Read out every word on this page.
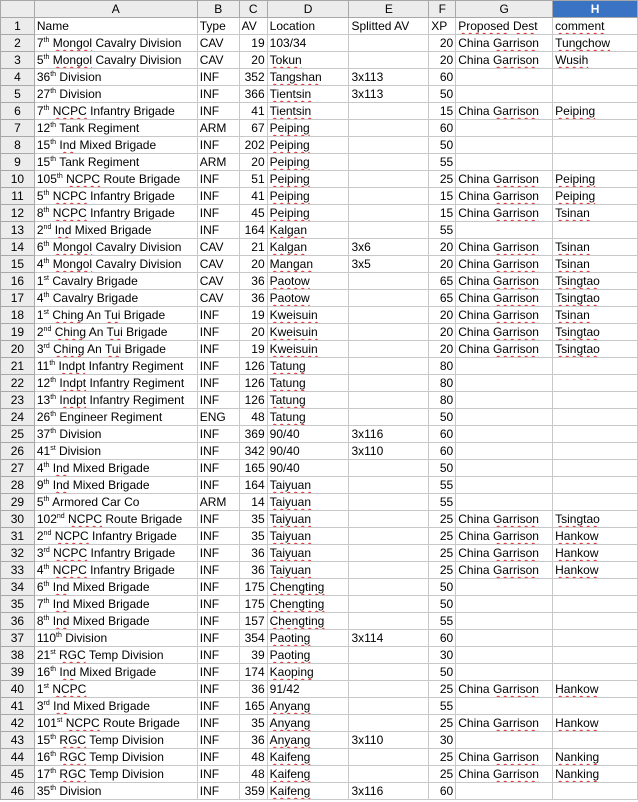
	A	B	C	D	E	F	G	H
1	Name	Type	AV	Location	Splitted AV	XP	Proposed Dest	comment
2	7th Mongol Cavalry Division	CAV	19	103/34		20	China Garrison	Tungchow
3	5th Mongol Cavalry Division	CAV	20	Tokun		20	China Garrison	Wusih
4	36th Division	INF	352	Tangshan	3x113	60		
5	27th Division	INF	366	Tientsin	3x113	50		
6	7th NCPC Infantry Brigade	INF	41	Tientsin		15	China Garrison	Peiping
7	12th Tank Regiment	ARM	67	Peiping		60		
8	15th Ind Mixed Brigade	INF	202	Peiping		50		
9	15th Tank Regiment	ARM	20	Peiping		55		
10	105th NCPC Route Brigade	INF	51	Peiping		25	China Garrison	Peiping
11	5th NCPC Infantry Brigade	INF	41	Peiping		15	China Garrison	Peiping
12	8th NCPC Infantry Brigade	INF	45	Peiping		15	China Garrison	Tsinan
13	2nd Ind Mixed Brigade	INF	164	Kalgan		55		
14	6th Mongol Cavalry Division	CAV	21	Kalgan	3x6	20	China Garrison	Tsinan
15	4th Mongol Cavalry Division	CAV	20	Mangan	3x5	20	China Garrison	Tsinan
16	1st Cavalry Brigade	CAV	36	Paotow		65	China Garrison	Tsingtao
17	4th Cavalry Brigade	CAV	36	Paotow		65	China Garrison	Tsingtao
18	1st Ching An Tui Brigade	INF	19	Kweisuin		20	China Garrison	Tsinan
19	2nd Ching An Tui Brigade	INF	20	Kweisuin		20	China Garrison	Tsingtao
20	3rd Ching An Tui Brigade	INF	19	Kweisuin		20	China Garrison	Tsingtao
21	11th Indpt Infantry Regiment	INF	126	Tatung		80		
22	12th Indpt Infantry Regiment	INF	126	Tatung		80		
23	13th Indpt Infantry Regiment	INF	126	Tatung		80		
24	26th Engineer Regiment	ENG	48	Tatung		50		
25	37th Division	INF	369	90/40	3x116	60		
26	41st Division	INF	342	90/40	3x110	60		
27	4th Ind Mixed Brigade	INF	165	90/40		50		
28	9th Ind Mixed Brigade	INF	164	Taiyuan		55		
29	5th Armored Car Co	ARM	14	Taiyuan		55		
30	102nd NCPC Route Brigade	INF	35	Taiyuan		25	China Garrison	Tsingtao
31	2nd NCPC Infantry Brigade	INF	35	Taiyuan		25	China Garrison	Hankow
32	3rd NCPC Infantry Brigade	INF	36	Taiyuan		25	China Garrison	Hankow
33	4th NCPC Infantry Brigade	INF	36	Taiyuan		25	China Garrison	Hankow
34	6th Ind Mixed Brigade	INF	175	Chengting		50		
35	7th Ind Mixed Brigade	INF	175	Chengting		50		
36	8th Ind Mixed Brigade	INF	157	Chengting		55		
37	110th Division	INF	354	Paoting	3x114	60		
38	21st RGC Temp Division	INF	39	Paoting		30		
39	16th Ind Mixed Brigade	INF	174	Kaoping		50		
40	1st NCPC	INF	36	91/42		25	China Garrison	Hankow
41	3rd Ind Mixed Brigade	INF	165	Anyang		55		
42	101st NCPC Route Brigade	INF	35	Anyang		25	China Garrison	Hankow
43	15th RGC Temp Division	INF	36	Anyang	3x110	30		
44	16th RGC Temp Division	INF	48	Kaifeng		25	China Garrison	Nanking
45	17th RGC Temp Division	INF	48	Kaifeng		25	China Garrison	Nanking
46	35th Division	INF	359	Kaifeng	3x116	60		
